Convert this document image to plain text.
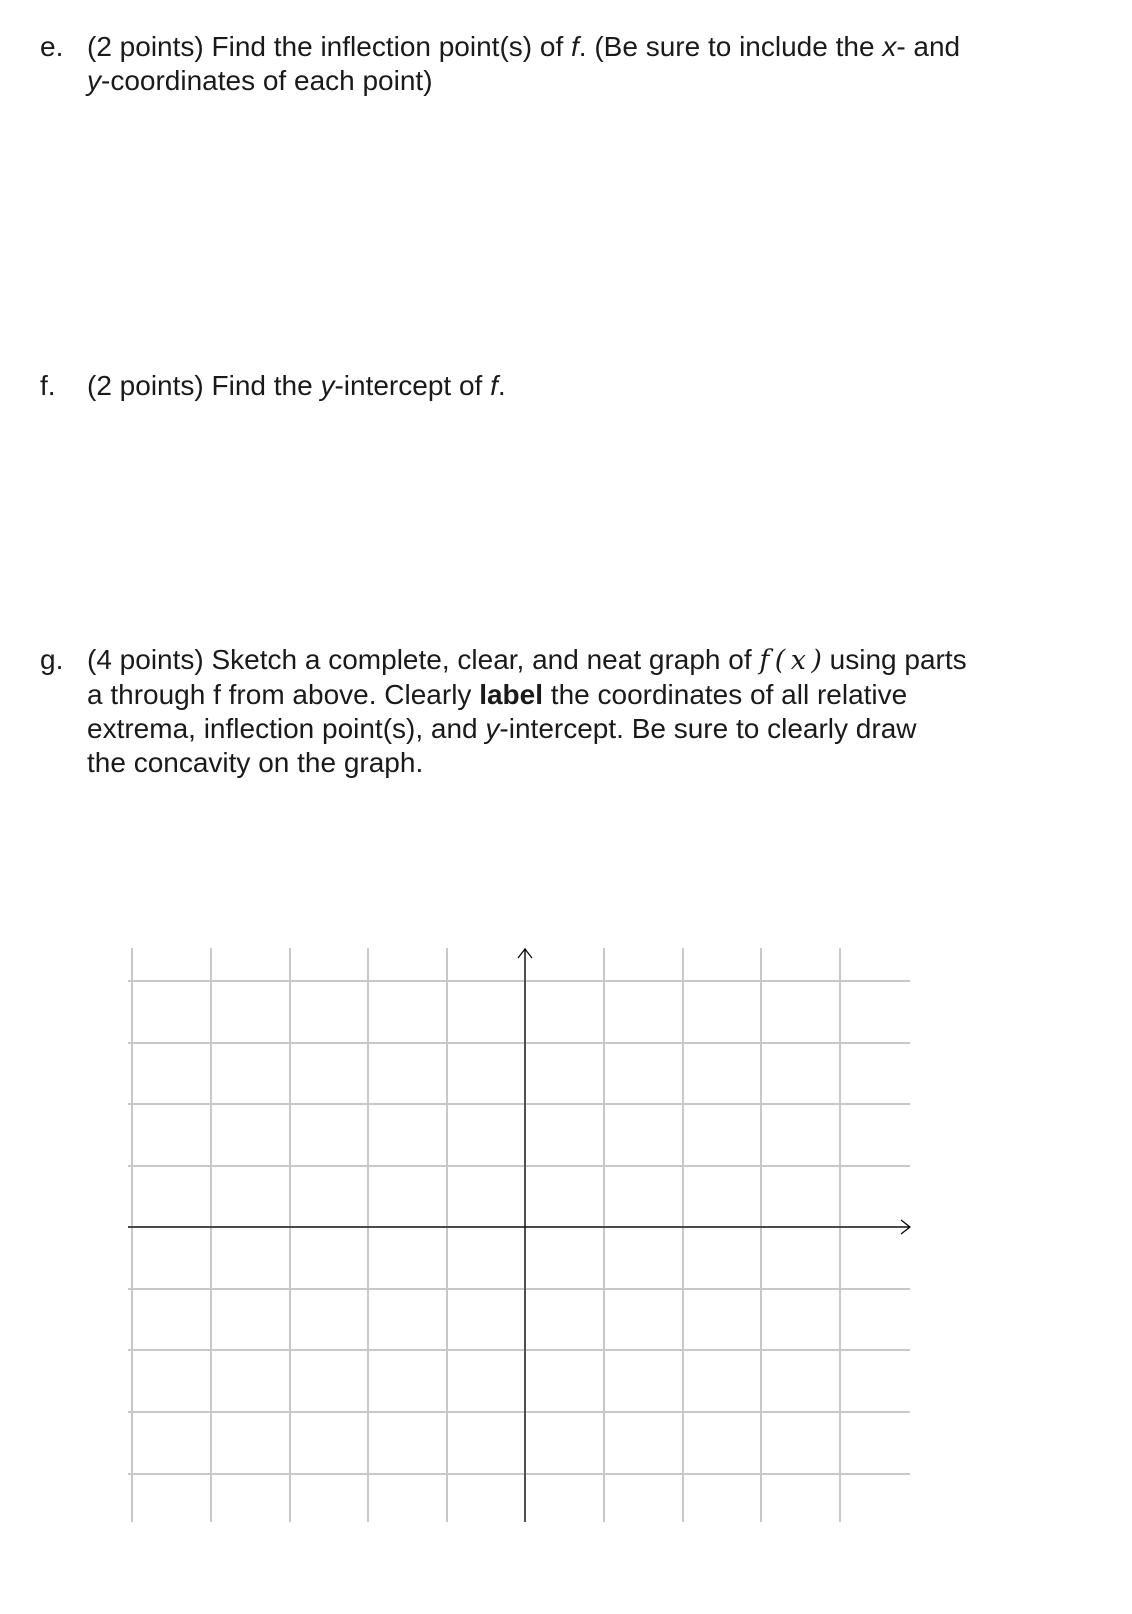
e. (2 points) Find the inflection point(s) of f. (Be sure to include the x- and
y-coordinates of each point)
f. (2 points) Find the y-intercept of f.
g. (4 points) Sketch a complete, clear, and neat graph of f ( x ) using parts
a through f from above. Clearly label the coordinates of all relative
extrema, inflection point(s), and y-intercept. Be sure to clearly draw
the concavity on the graph.
